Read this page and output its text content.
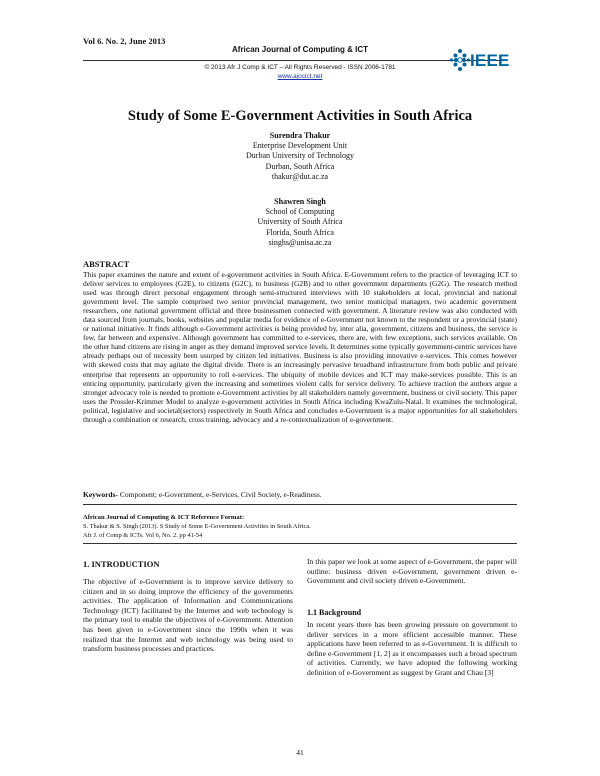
Vol 6. No. 2, June 2013
African Journal of Computing & ICT
© 2013 Afr J Comp & ICT – All Rights Reserved - ISSN 2006-1781
www.ajocict.net
IEEE
Study of Some E-Government Activities in South Africa
Surendra Thakur
Enterprise Development Unit
Durban University of Technology
Durban, South Africa
thakur@dut.ac.za
Shawren Singh
School of Computing
University of South Africa
Florida, South Africa
singhs@unisa.ac.za
ABSTRACT
This paper examines the nature and extent of e-government activities in South Africa. E-Government refers to the practice of leveraging ICT to deliver services to employees (G2E), to citizens (G2C), to business (G2B) and to other government departments (G2G). The research method used was through direct personal engagement through semi-structured interviews with 10 stakeholders at local, provincial and national government level. The sample comprised two senior provincial management, two senior municipal managers, two academic government researchers, one national government official and three businessmen connected with government. A literature review was also conducted with data sourced from journals, books, websites and popular media for evidence of e-Government not known to the respondent or a provincial (state) or national initiative. It finds although e-Government activities is being provided by, inter alia, government, citizens and business, the service is few, far between and expensive. Although government has committed to e-services, there are, with few exceptions, such services available. On the other hand citizens are rising in anger as they demand improved service levels. It determines some typically government-centric services have already perhaps out of necessity been usurped by citizen led initiatives. Business is also providing innovative e-services. This comes however with skewed costs that may agitate the digital divide. There is an increasingly pervasive broadband infrastructure from both public and private enterprise that represents an opportunity to roll e-services. The ubiquity of mobile devices and ICT may make-services possible. This is an enticing opportunity, particularly given the increasing and sometimes violent calls for service delivery. To achieve traction the authors argue a stronger advocacy role is needed to promote e-Government activities by all stakeholders namely government, business or civil society. This paper uses the Prossler-Krimmer Model to analyze e-government activities in South Africa including KwaZulu-Natal. It examines the technological, political, legislative and societal(sectors) respectively in South Africa and concludes e-Government is a major opportunities for all stakeholders through a combination or research, cross training, advocacy and a re-contextualization of e-government.
Keywords- Component; e-Government, e-Services, Civil Society, e-Readiness.
African Journal of Computing & ICT Reference Format:
S. Thakur & S. Singh (2013). S Study of Some E-Government Activities in South Africa.
Afr J. of Comp & ICTs. Vol 6, No. 2. pp 41-54
1. INTRODUCTION
The objective of e-Government is to improve service delivery to citizen and in so doing improve the efficiency of the governments activities. The application of Information and Communications Technology (ICT) facilitated by the Internet and web technology is the primary tool to enable the objectives of e-Government. Attention has been given to e-Government since the 1990s when it was realized that the Internet and web technology was being used to transform business processes and practices.
In this paper we look at some aspect of e-Government, the paper will outline: business driven e-Government, government driven e-Government and civil society driven e-Government.
1.1 Background
In recent years there has been growing pressure on government to deliver services in a more efficient accessible manner. These applications have been referred to as e-Government. It is difficult to define e-Government [1, 2] as it encompasses such a broad spectrum of activities. Currently, we have adopted the following working definition of e-Government as suggest by Grant and Chau [3]
41
